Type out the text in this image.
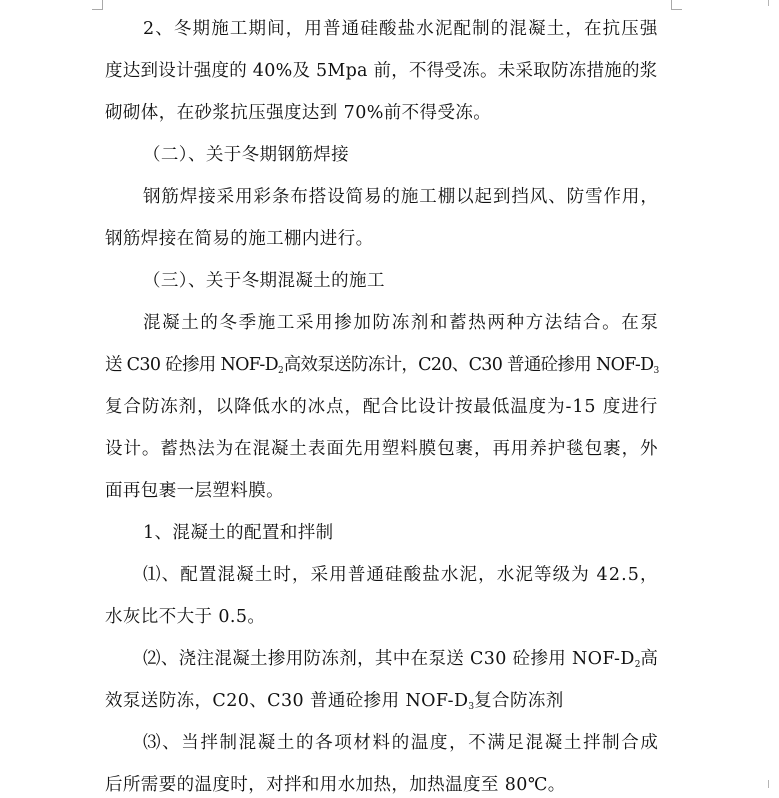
2、冬期施工期间，用普通硅酸盐水泥配制的混凝土，在抗压强
度达到设计强度的 40%及 5Mpa 前，不得受冻。未采取防冻措施的浆
砌砌体，在砂浆抗压强度达到 70%前不得受冻。
（二）、关于冬期钢筋焊接
钢筋焊接采用彩条布搭设简易的施工棚以起到挡风、防雪作用，
钢筋焊接在简易的施工棚内进行。
（三）、关于冬期混凝土的施工
混凝土的冬季施工采用掺加防冻剂和蓄热两种方法结合。在泵
送 C30 砼掺用 NOF-$D_2$高效泵送防冻计，C20、C30 普通砼掺用 NOF-$D_3$
复合防冻剂，以降低水的冰点，配合比设计按最低温度为-15 度进行
设计。蓄热法为在混凝土表面先用塑料膜包裹，再用养护毯包裹，外
面再包裹一层塑料膜。
1、混凝土的配置和拌制
⑴、配置混凝土时，采用普通硅酸盐水泥，水泥等级为 42.5，
水灰比不大于 0.5。
⑵、浇注混凝土掺用防冻剂，其中在泵送 C30 砼掺用 NOF-$D_2$高
效泵送防冻，C20、C30 普通砼掺用 NOF-$D_3$复合防冻剂
⑶、当拌制混凝土的各项材料的温度，不满足混凝土拌制合成
后所需要的温度时，对拌和用水加热，加热温度至 80℃。
